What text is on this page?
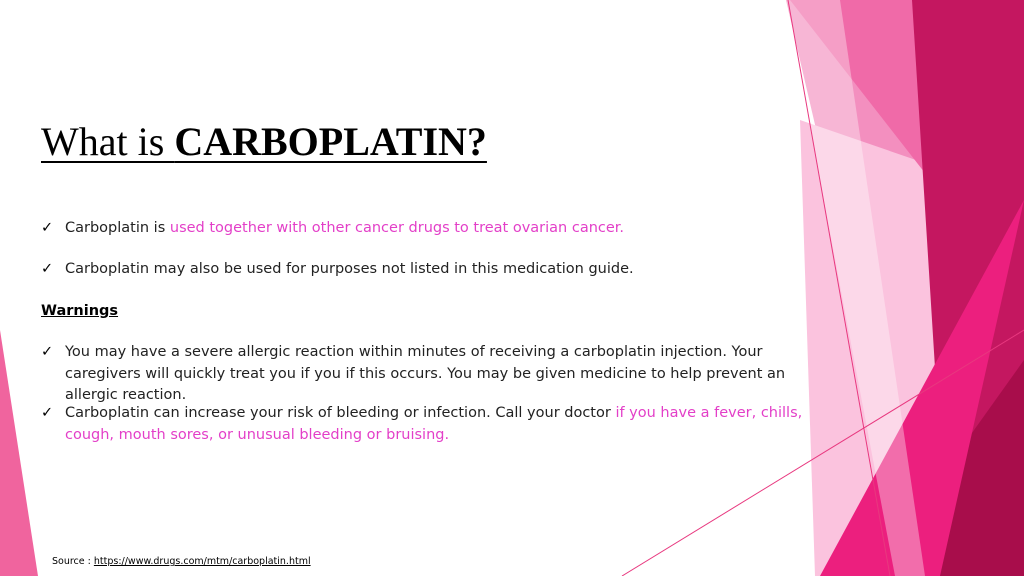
What is CARBOPLATIN?
✓ Carboplatin is used together with other cancer drugs to treat ovarian cancer.
✓ Carboplatin may also be used for purposes not listed in this medication guide.
Warnings
✓ You may have a severe allergic reaction within minutes of receiving a carboplatin injection. Your caregivers will quickly treat you if you if this occurs. You may be given medicine to help prevent an allergic reaction.
✓ Carboplatin can increase your risk of bleeding or infection. Call your doctor if you have a fever, chills, cough, mouth sores, or unusual bleeding or bruising.
Source : https://www.drugs.com/mtm/carboplatin.html
